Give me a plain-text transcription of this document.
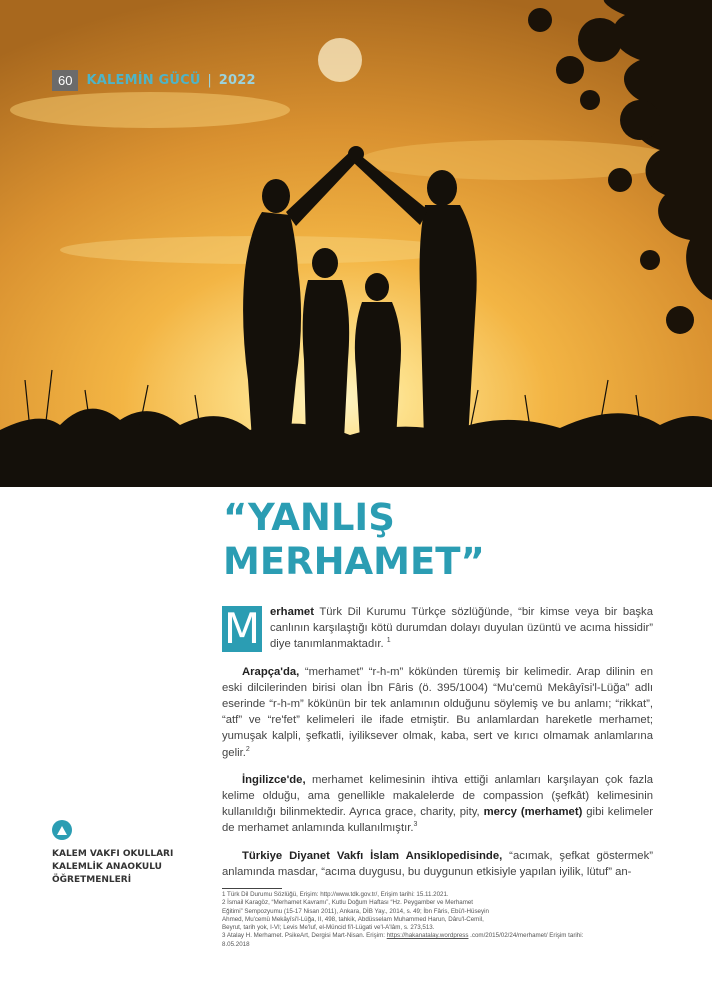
60	KALEMİN GÜCÜ | 2022
“YANLIŞ
MERHAMET”

M erhamet Türk Dil Kurumu Türkçe sözlüğünde, “bir kimse veya bir başka canlının karşılaştığı kötü durumdan dolayı duyulan üzüntü ve acıma hissidir” diye tanımlanmaktadır. $^1$

Arapça'da, “merhamet” “r-h-m” kökünden türemiş bir kelimedir. Arap dilinin en eski dilcilerinden birisi olan İbn Fâris (ö. 395/1004) “Mu'cemü Mekâyîsi'l-Lüğa” adlı eserinde “r-h-m” kökünün bir tek anlamının olduğunu söylemiş ve bu anlamı; “rikkat”, “atf” ve “re'fet” kelimeleri ile ifade etmiştir. Bu anlamlardan hareketle merhamet; yumuşak kalpli, şefkatli, iyiliksever olmak, kaba, sert ve kırıcı olmamak anlamlarına gelir.$^2$

İngilizce'de, merhamet kelimesinin ihtiva ettiği anlamları karşılayan çok fazla kelime olduğu, ama genellikle makalelerde de compassion (şefkât) kelimesinin kullanıldığı bilinmektedir. Ayrıca grace, charity, pity, mercy (merhamet) gibi kelimeler de merhamet anlamında kullanılmıştır.$^3$

Türkiye Diyanet Vakfı İslam Ansiklopedisinde, “acımak, şefkat göstermek” anlamında masdar, “acıma duygusu, bu duygunun etkisiyle yapılan iyilik, lütuf” an-

KALEM VAKFI OKULLARI
KALEMLİK ANAOKULU
ÖĞRETMENLERİ
1 Türk Dil Durumu Sözlüğü, Erişim: http://www.tdk.gov.tr/, Erişim tarihi: 15.11.2021.
2 İsmail Karagöz, “Merhamet Kavramı”, Kutlu Doğum Haftası “Hz. Peygamber ve Merhamet
Eğitimi” Sempozyumu (15-17 Nisan 2011), Ankara, DİB Yay., 2014, s. 49; İbn Fâris, Ebü'l-Hüseyin
Ahmed, Mu'cemü Mekâyîsi'l-Lüğa, II, 498, tahkik, Abdüsselam Muhammed Harun, Dâru'l-Cemil,
Beyrut, tarih yok, I-VI; Levis Me'luf, el-Müncid fi'l-Lügati ve'l-A'lâm, s. 273,513.
3 Atalay H. Merhamet. PsikeArt, Dergisi Mart-Nisan. Erişim: https://hakanatalay.wordpress .com/2015/02/24/merhamet/ Erişim tarihi:
8.05.2018
